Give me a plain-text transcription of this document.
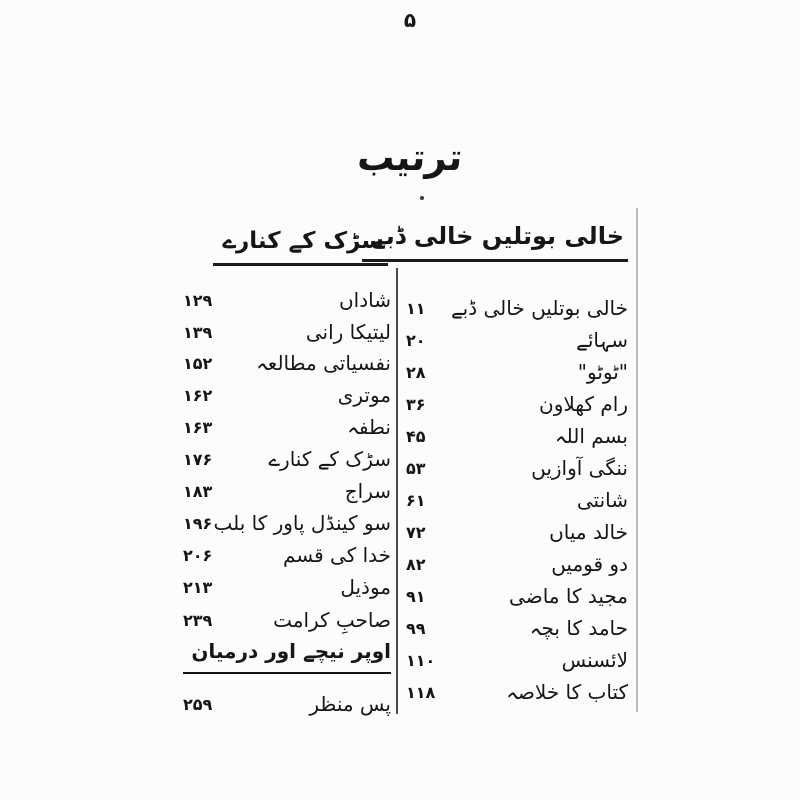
۵
ترتیب
خالی بوتلیں خالی ڈبے
سڑک کے کنارے
۱۱	خالی بوتلیں خالی ڈبے
۲۰	سہائے
۲۸	"ٹوٹو"
۳۶	رام کھلاون
۴۵	بسم اللہ
۵۳	ننگی آوازیں
۶۱	شانتی
۷۲	خالد میاں
۸۲	دو قومیں
۹۱	مجید کا ماضی
۹۹	حامد کا بچہ
۱۱۰	لائسنس
۱۱۸	کتاب کا خلاصہ
۱۲۹	شاداں
۱۳۹	لیتیکا رانی
۱۵۲	نفسیاتی مطالعہ
۱۶۲	موتری
۱۶۳	نطفہ
۱۷۶	سڑک کے کنارے
۱۸۳	سراج
۱۹۶ سو کینڈل پاور کا بلب
۲۰۶	خدا کی قسم
۲۱۳	موذیل
۲۳۹	صاحبِ کرامت
اوپر نیچے اور درمیان
۲۵۹	پس منظر
